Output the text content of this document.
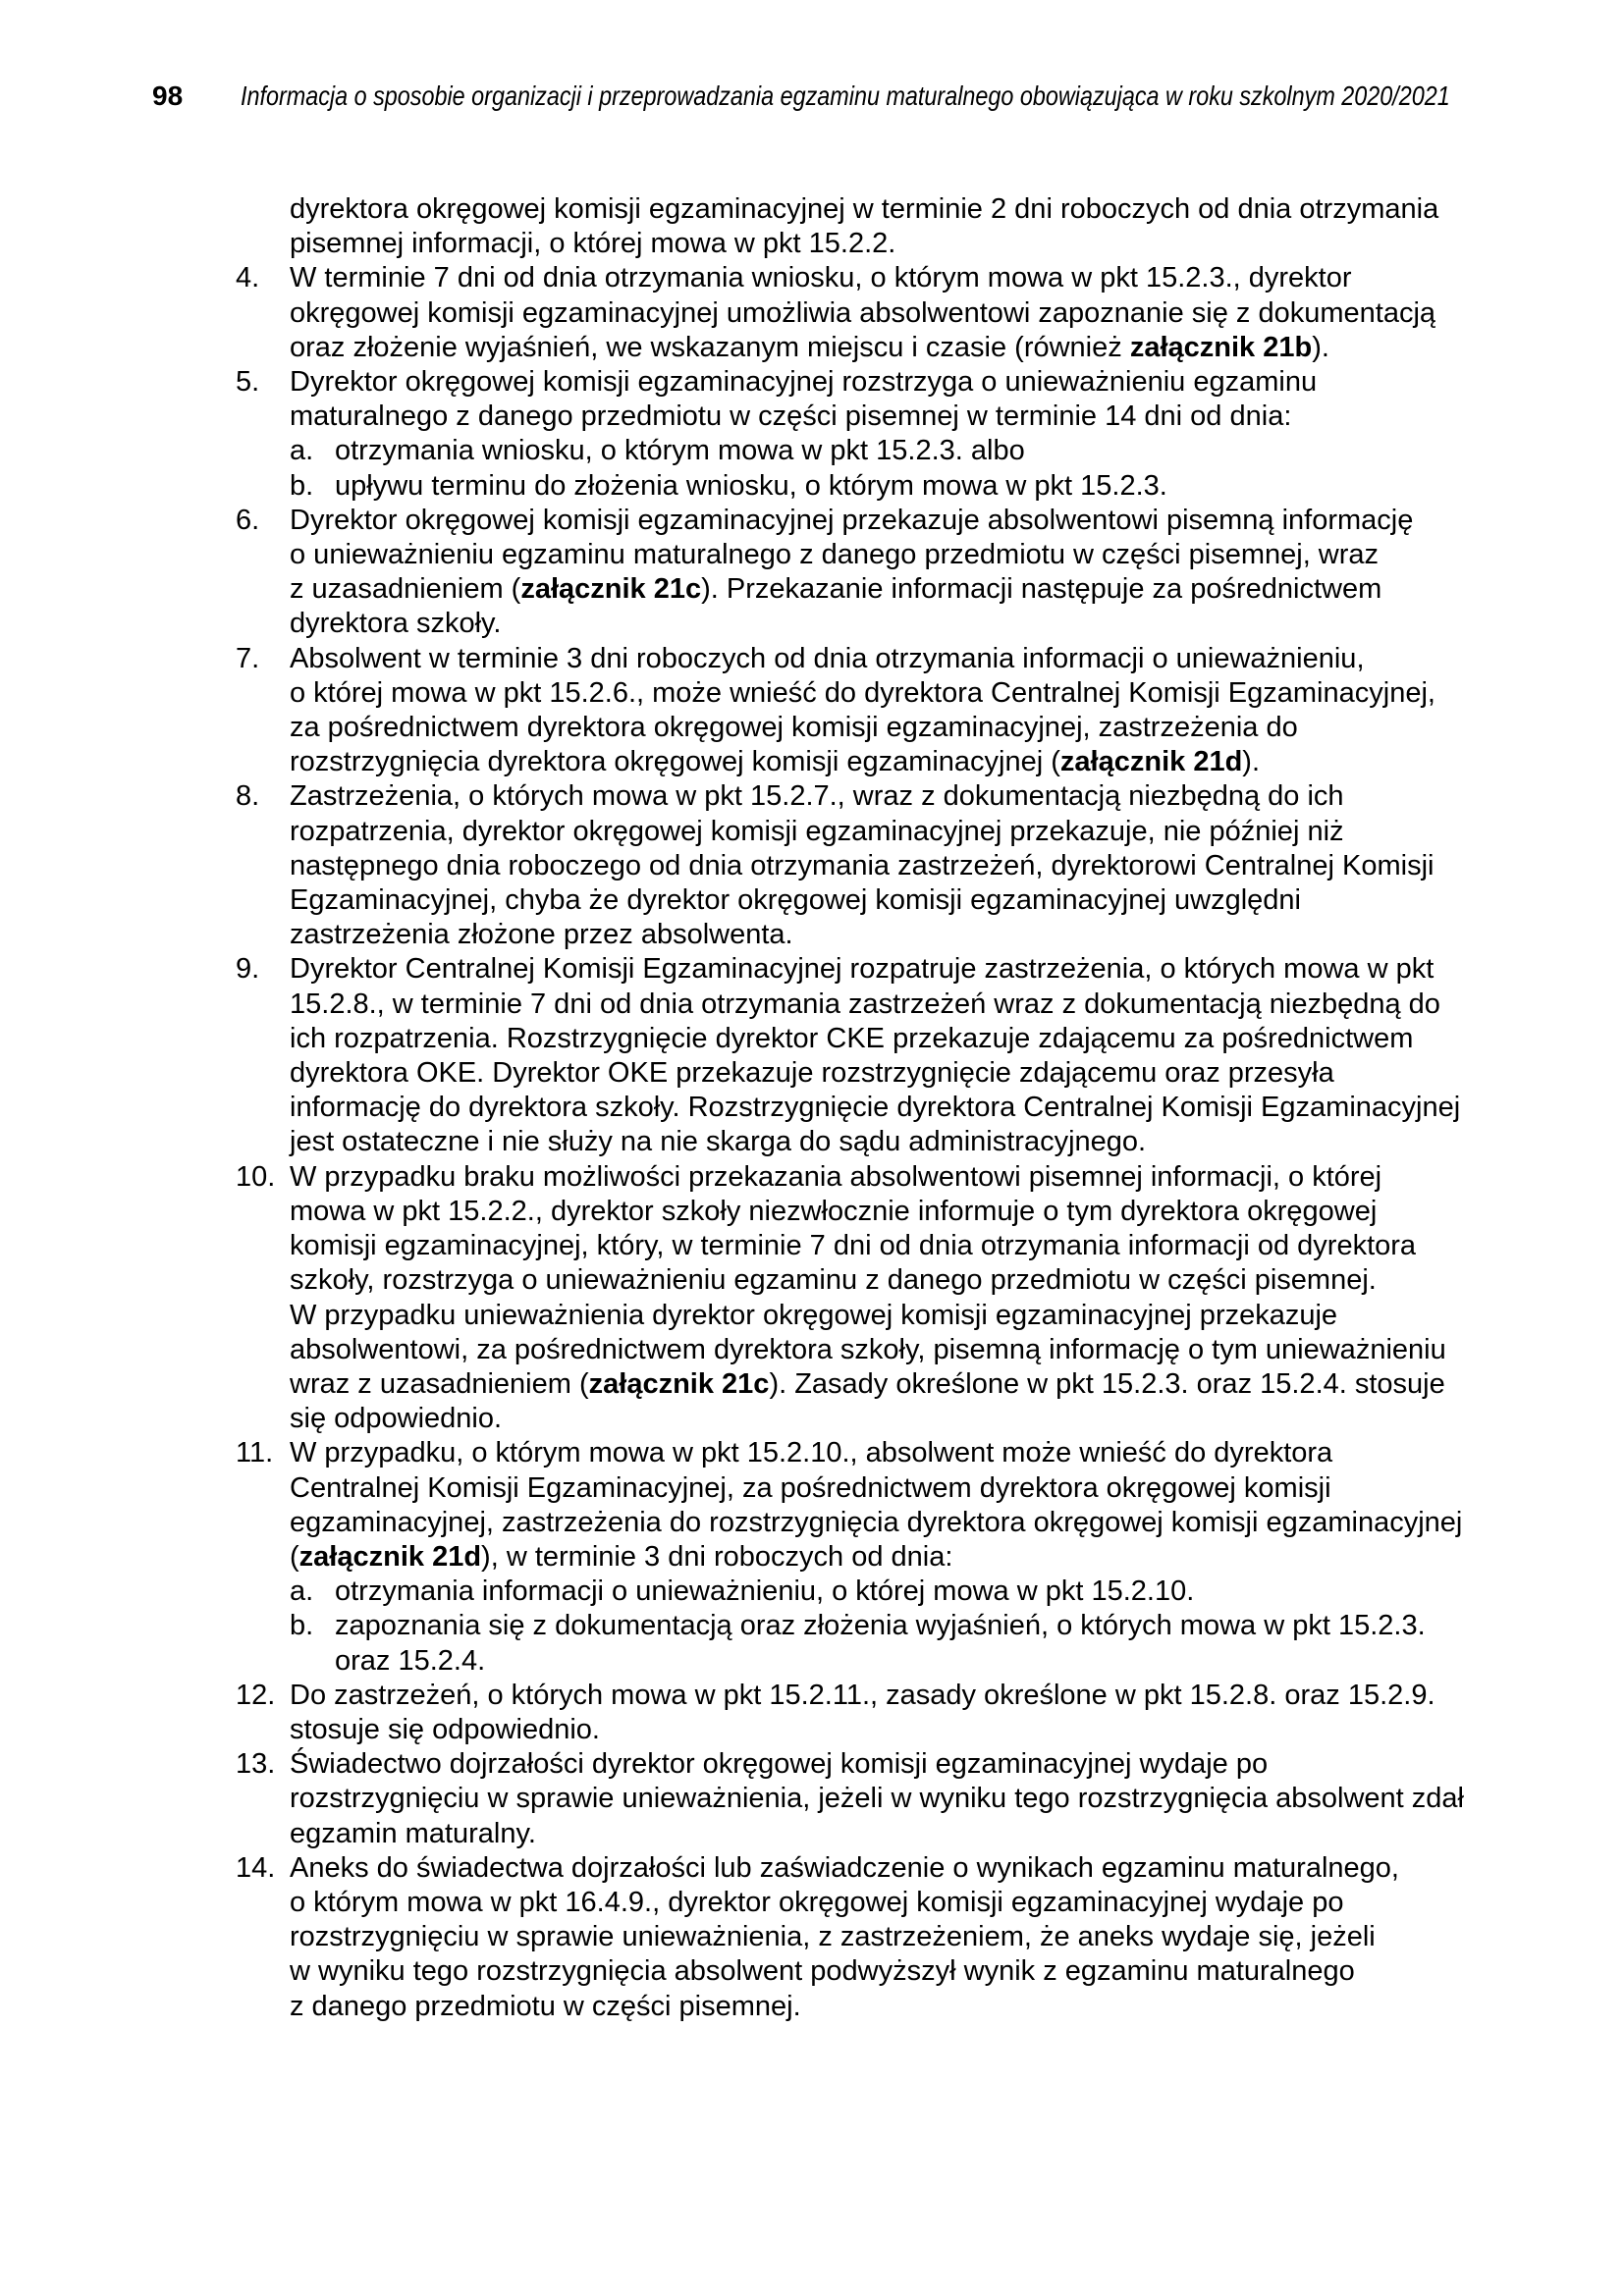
98	Informacja o sposobie organizacji i przeprowadzania egzaminu maturalnego obowiązująca w roku szkolnym 2020/2021

dyrektora okręgowej komisji egzaminacyjnej w terminie 2 dni roboczych od dnia otrzymania pisemnej informacji, o której mowa w pkt 15.2.2.

4.	W terminie 7 dni od dnia otrzymania wniosku, o którym mowa w pkt 15.2.3., dyrektor okręgowej komisji egzaminacyjnej umożliwia absolwentowi zapoznanie się z dokumentacją oraz złożenie wyjaśnień, we wskazanym miejscu i czasie (również załącznik 21b).
5.	Dyrektor okręgowej komisji egzaminacyjnej rozstrzyga o unieważnieniu egzaminu maturalnego z danego przedmiotu w części pisemnej w terminie 14 dni od dnia:
a. otrzymania wniosku, o którym mowa w pkt 15.2.3. albo
b. upływu terminu do złożenia wniosku, o którym mowa w pkt 15.2.3.
6.	Dyrektor okręgowej komisji egzaminacyjnej przekazuje absolwentowi pisemną informację o unieważnieniu egzaminu maturalnego z danego przedmiotu w części pisemnej, wraz z uzasadnieniem (załącznik 21c). Przekazanie informacji następuje za pośrednictwem dyrektora szkoły.
7.	Absolwent w terminie 3 dni roboczych od dnia otrzymania informacji o unieważnieniu, o której mowa w pkt 15.2.6., może wnieść do dyrektora Centralnej Komisji Egzaminacyjnej, za pośrednictwem dyrektora okręgowej komisji egzaminacyjnej, zastrzeżenia do rozstrzygnięcia dyrektora okręgowej komisji egzaminacyjnej (załącznik 21d).
8.	Zastrzeżenia, o których mowa w pkt 15.2.7., wraz z dokumentacją niezbędną do ich rozpatrzenia, dyrektor okręgowej komisji egzaminacyjnej przekazuje, nie później niż następnego dnia roboczego od dnia otrzymania zastrzeżeń, dyrektorowi Centralnej Komisji Egzaminacyjnej, chyba że dyrektor okręgowej komisji egzaminacyjnej uwzględni zastrzeżenia złożone przez absolwenta.
9.	Dyrektor Centralnej Komisji Egzaminacyjnej rozpatruje zastrzeżenia, o których mowa w pkt 15.2.8., w terminie 7 dni od dnia otrzymania zastrzeżeń wraz z dokumentacją niezbędną do ich rozpatrzenia. Rozstrzygnięcie dyrektor CKE przekazuje zdającemu za pośrednictwem dyrektora OKE. Dyrektor OKE przekazuje rozstrzygnięcie zdającemu oraz przesyła informację do dyrektora szkoły. Rozstrzygnięcie dyrektora Centralnej Komisji Egzaminacyjnej jest ostateczne i nie służy na nie skarga do sądu administracyjnego.
10. W przypadku braku możliwości przekazania absolwentowi pisemnej informacji, o której mowa w pkt 15.2.2., dyrektor szkoły niezwłocznie informuje o tym dyrektora okręgowej komisji egzaminacyjnej, który, w terminie 7 dni od dnia otrzymania informacji od dyrektora szkoły, rozstrzyga o unieważnieniu egzaminu z danego przedmiotu w części pisemnej. W przypadku unieważnienia dyrektor okręgowej komisji egzaminacyjnej przekazuje absolwentowi, za pośrednictwem dyrektora szkoły, pisemną informację o tym unieważnieniu wraz z uzasadnieniem (załącznik 21c). Zasady określone w pkt 15.2.3. oraz 15.2.4. stosuje się odpowiednio.
11. W przypadku, o którym mowa w pkt 15.2.10., absolwent może wnieść do dyrektora Centralnej Komisji Egzaminacyjnej, za pośrednictwem dyrektora okręgowej komisji egzaminacyjnej, zastrzeżenia do rozstrzygnięcia dyrektora okręgowej komisji egzaminacyjnej (załącznik 21d), w terminie 3 dni roboczych od dnia:
a. otrzymania informacji o unieważnieniu, o której mowa w pkt 15.2.10.
b. zapoznania się z dokumentacją oraz złożenia wyjaśnień, o których mowa w pkt 15.2.3. oraz 15.2.4.
12. Do zastrzeżeń, o których mowa w pkt 15.2.11., zasady określone w pkt 15.2.8. oraz 15.2.9. stosuje się odpowiednio.
13. Świadectwo dojrzałości dyrektor okręgowej komisji egzaminacyjnej wydaje po rozstrzygnięciu w sprawie unieważnienia, jeżeli w wyniku tego rozstrzygnięcia absolwent zdał egzamin maturalny.
14. Aneks do świadectwa dojrzałości lub zaświadczenie o wynikach egzaminu maturalnego, o którym mowa w pkt 16.4.9., dyrektor okręgowej komisji egzaminacyjnej wydaje po rozstrzygnięciu w sprawie unieważnienia, z zastrzeżeniem, że aneks wydaje się, jeżeli w wyniku tego rozstrzygnięcia absolwent podwyższył wynik z egzaminu maturalnego z danego przedmiotu w części pisemnej.
